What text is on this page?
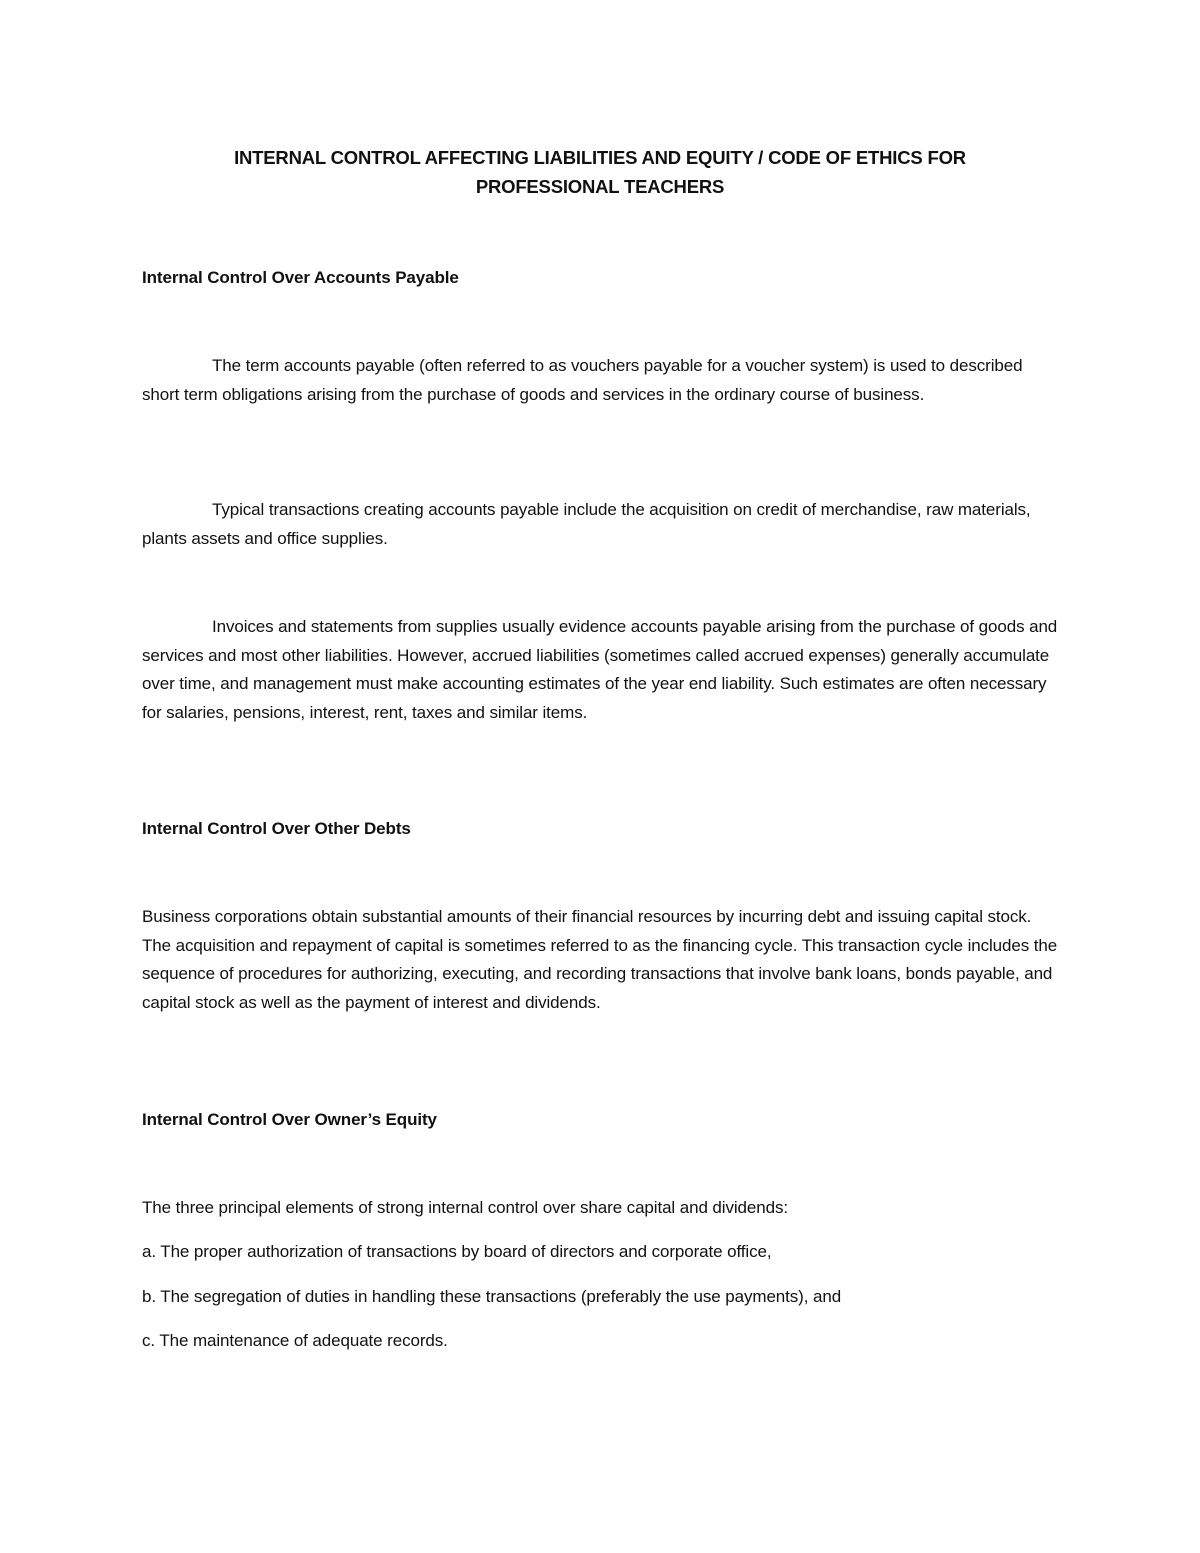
INTERNAL CONTROL AFFECTING LIABILITIES AND EQUITY / CODE OF ETHICS FOR
PROFESSIONAL TEACHERS
Internal Control Over Accounts Payable
The term accounts payable (often referred to as vouchers payable for a voucher system) is used to described short term obligations arising from the purchase of goods and services in the ordinary course of business.
Typical transactions creating accounts payable include the acquisition on credit of merchandise, raw materials, plants assets and office supplies.
Invoices and statements from supplies usually evidence accounts payable arising from the purchase of goods and services and most other liabilities. However, accrued liabilities (sometimes called accrued expenses) generally accumulate over time, and management must make accounting estimates of the year end liability. Such estimates are often necessary for salaries, pensions, interest, rent, taxes and similar items.
Internal Control Over Other Debts
Business corporations obtain substantial amounts of their financial resources by incurring debt and issuing capital stock. The acquisition and repayment of capital is sometimes referred to as the financing cycle. This transaction cycle includes the sequence of procedures for authorizing, executing, and recording transactions that involve bank loans, bonds payable, and capital stock as well as the payment of interest and dividends.
Internal Control Over Owner’s Equity
The three principal elements of strong internal control over share capital and dividends:
a. The proper authorization of transactions by board of directors and corporate office,
b. The segregation of duties in handling these transactions (preferably the use payments), and
c. The maintenance of adequate records.
